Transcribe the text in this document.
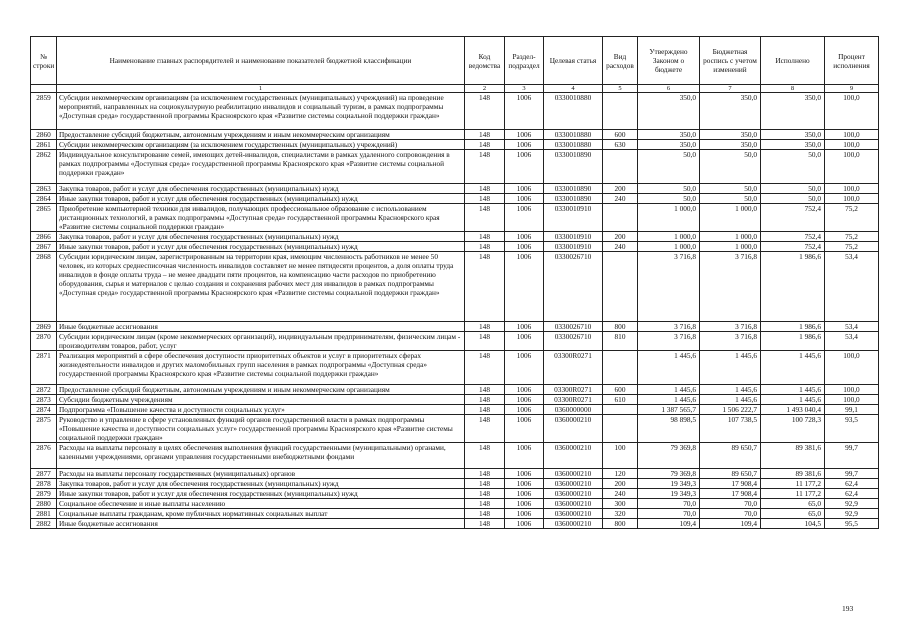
№ строки	Наименование главных распорядителей и наименование показателей бюджетной классификации	Код ведомства	Раздел-подраздел	Целевая статья	Вид расходов	Утверждено Законом о бюджете	Бюджетная роспись с учетом изменений	Исполнено	Процент исполнения
	1	2	3	4	5	6	7	8	9
2859	Субсидии некоммерческим организациям (за исключением государственных (муниципальных) учреждений) на проведение мероприятий, направленных на социокультурную реабилитацию инвалидов и социальный туризм, в рамках подпрограммы «Доступная среда» государственной программы Красноярского края «Развитие системы социальной поддержки граждан»	148	1006	0330010880		350,0	350,0	350,0	100,0
2860	Предоставление субсидий бюджетным, автономным учреждениям и иным некоммерческим организациям	148	1006	0330010880	600	350,0	350,0	350,0	100,0
2861	Субсидии некоммерческим организациям (за исключением государственных (муниципальных) учреждений)	148	1006	0330010880	630	350,0	350,0	350,0	100,0
2862	Индивидуальное консультирование семей, имеющих детей-инвалидов, специалистами в рамках удаленного сопровождения в рамках подпрограммы «Доступная среда» государственной программы Красноярского края «Развитие системы социальной поддержки граждан»	148	1006	0330010890		50,0	50,0	50,0	100,0
2863	Закупка товаров, работ и услуг для обеспечения государственных (муниципальных) нужд	148	1006	0330010890	200	50,0	50,0	50,0	100,0
2864	Иные закупки товаров, работ и услуг для обеспечения государственных (муниципальных) нужд	148	1006	0330010890	240	50,0	50,0	50,0	100,0
2865	Приобретение компьютерной техники для инвалидов, получающих профессиональное образование с использованием дистанционных технологий, в рамках подпрограммы «Доступная среда» государственной программы Красноярского края «Развитие системы социальной поддержки граждан»	148	1006	0330010910		1 000,0	1 000,0	752,4	75,2
2866	Закупка товаров, работ и услуг для обеспечения государственных (муниципальных) нужд	148	1006	0330010910	200	1 000,0	1 000,0	752,4	75,2
2867	Иные закупки товаров, работ и услуг для обеспечения государственных (муниципальных) нужд	148	1006	0330010910	240	1 000,0	1 000,0	752,4	75,2
2868	Субсидии юридическим лицам, зарегистрированным на территории края, имеющим численность работников не менее 50 человек, из которых среднесписочная численность инвалидов составляет не менее пятидесяти процентов, а доля оплаты труда инвалидов в фонде оплаты труда – не менее двадцати пяти процентов, на компенсацию части расходов по приобретению оборудования, сырья и материалов с целью создания и сохранения рабочих мест для инвалидов в рамках подпрограммы «Доступная среда» государственной программы Красноярского края «Развитие системы социальной поддержки граждан»	148	1006	0330026710		3 716,8	3 716,8	1 986,6	53,4
2869	Иные бюджетные ассигнования	148	1006	0330026710	800	3 716,8	3 716,8	1 986,6	53,4
2870	Субсидии юридическим лицам (кроме некоммерческих организаций), индивидуальным предпринимателям, физическим лицам - производителям товаров, работ, услуг	148	1006	0330026710	810	3 716,8	3 716,8	1 986,6	53,4
2871	Реализация мероприятий в сфере обеспечения доступности приоритетных объектов и услуг в приоритетных сферах жизнедеятельности инвалидов и других маломобильных групп населения в рамках подпрограммы «Доступная среда» государственной программы Красноярского края «Развитие системы социальной поддержки граждан»	148	1006	03300R0271		1 445,6	1 445,6	1 445,6	100,0
2872	Предоставление субсидий бюджетным, автономным учреждениям и иным некоммерческим организациям	148	1006	03300R0271	600	1 445,6	1 445,6	1 445,6	100,0
2873	Субсидии бюджетным учреждениям	148	1006	03300R0271	610	1 445,6	1 445,6	1 445,6	100,0
2874	Подпрограмма «Повышение качества и доступности социальных услуг»	148	1006	0360000000		1 387 565,7	1 506 222,7	1 493 040,4	99,1
2875	Руководство и управление в сфере установленных функций органов государственной власти в рамках подпрограммы «Повышение качества и доступности социальных услуг» государственной программы Красноярского края «Развитие системы социальной поддержки граждан»	148	1006	0360000210		98 898,5	107 738,5	100 728,3	93,5
2876	Расходы на выплаты персоналу в целях обеспечения выполнения функций государственными (муниципальными) органами, казенными учреждениями, органами управления государственными внебюджетными фондами	148	1006	0360000210	100	79 369,8	89 650,7	89 381,6	99,7
2877	Расходы на выплаты персоналу государственных (муниципальных) органов	148	1006	0360000210	120	79 369,8	89 650,7	89 381,6	99,7
2878	Закупка товаров, работ и услуг для обеспечения государственных (муниципальных) нужд	148	1006	0360000210	200	19 349,3	17 908,4	11 177,2	62,4
2879	Иные закупки товаров, работ и услуг для обеспечения государственных (муниципальных) нужд	148	1006	0360000210	240	19 349,3	17 908,4	11 177,2	62,4
2880	Социальное обеспечение и иные выплаты населению	148	1006	0360000210	300	70,0	70,0	65,0	92,9
2881	Социальные выплаты гражданам, кроме публичных нормативных социальных выплат	148	1006	0360000210	320	70,0	70,0	65,0	92,9
2882	Иные бюджетные ассигнования	148	1006	0360000210	800	109,4	109,4	104,5	95,5
193
